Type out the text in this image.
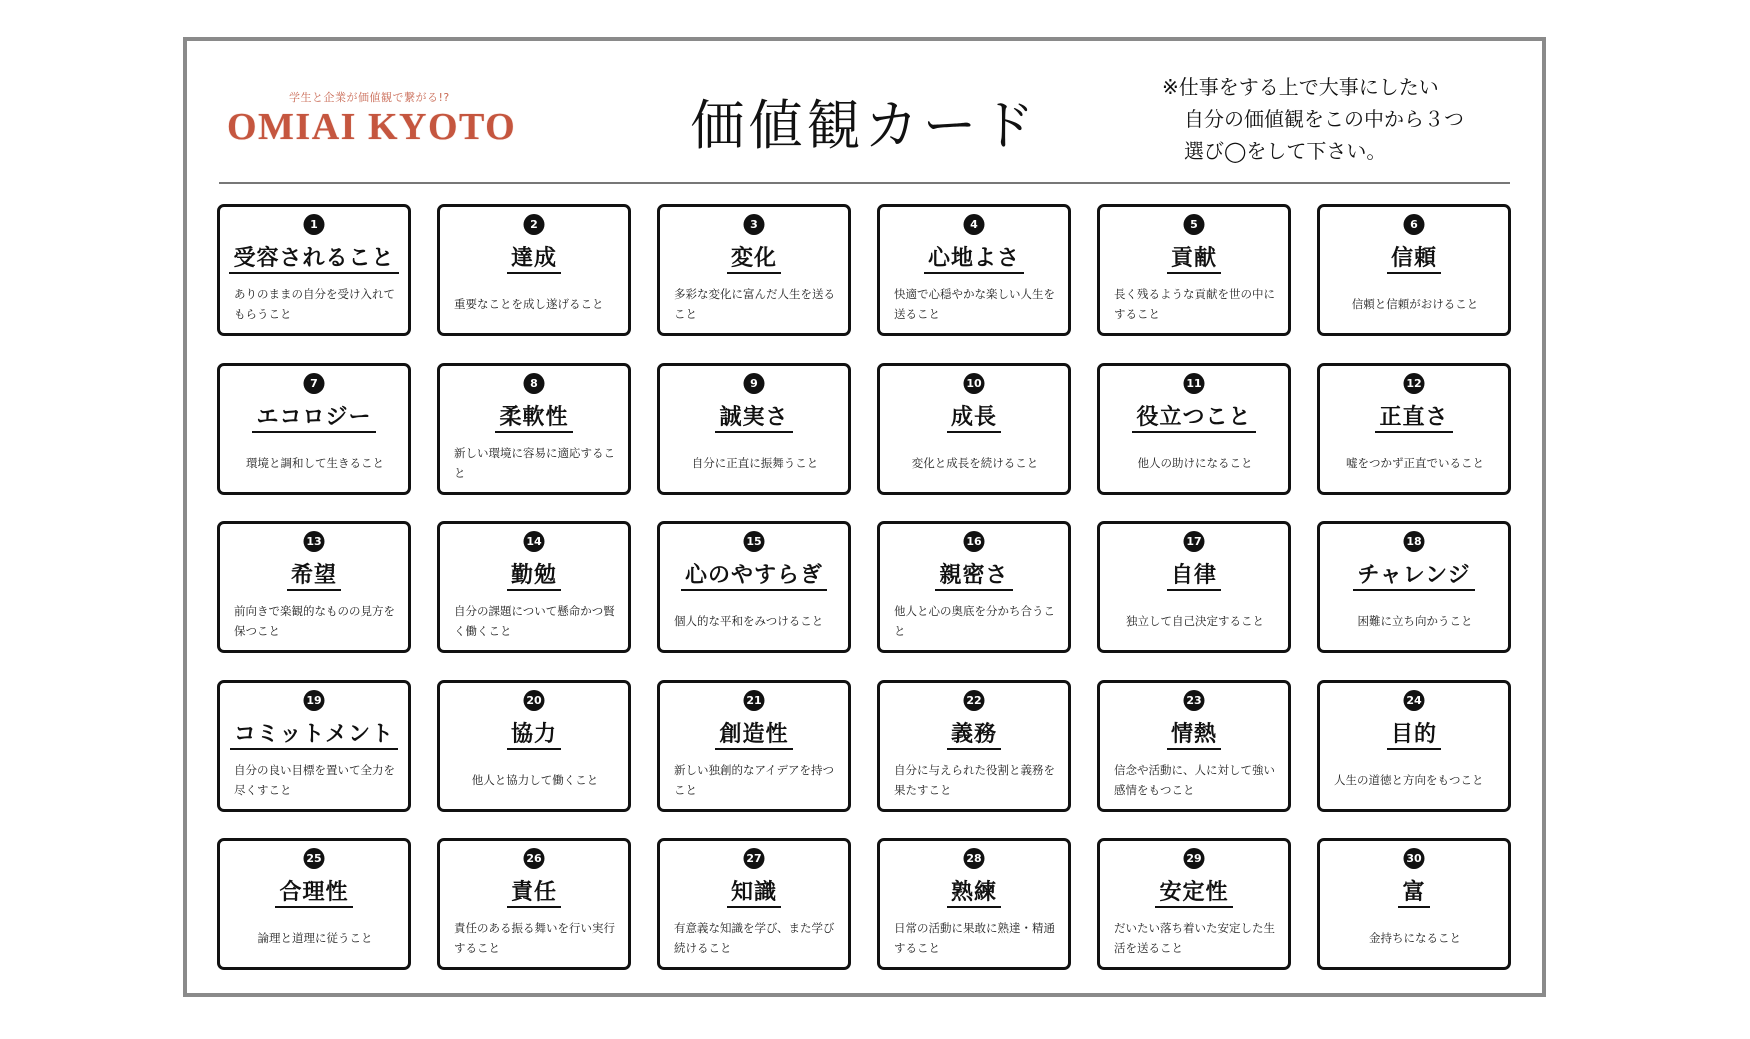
学生と企業が価値観で繋がる!?
OMIAI KYOTO	価値観カード
※仕事をする上で大事にしたい
自分の価値観をこの中から３つ
選び◯をして下さい。
1
受容されること
ありのままの自分を受け入れてもらうこと
2
達成
重要なことを成し遂げること
3
変化
多彩な変化に富んだ人生を送ること
4
心地よさ
快適で心穏やかな楽しい人生を送ること
5
貢献
長く残るような貢献を世の中にすること
6
信頼
信頼と信頼がおけること
7
エコロジー
環境と調和して生きること
8
柔軟性
新しい環境に容易に適応すること
9
誠実さ
自分に正直に振舞うこと
10
成長
変化と成長を続けること
11
役立つこと
他人の助けになること
12
正直さ
嘘をつかず正直でいること
13
希望
前向きで楽観的なものの見方を保つこと
14
勤勉
自分の課題について懸命かつ賢く働くこと
15
心のやすらぎ
個人的な平和をみつけること
16
親密さ
他人と心の奥底を分かち合うこと
17
自律
独立して自己決定すること
18
チャレンジ
困難に立ち向かうこと
19
コミットメント
自分の良い目標を置いて全力を尽くすこと
20
協力
他人と協力して働くこと
21
創造性
新しい独創的なアイデアを持つこと
22
義務
自分に与えられた役割と義務を果たすこと
23
情熱
信念や活動に、人に対して強い感情をもつこと
24
目的
人生の道徳と方向をもつこと
25
合理性
論理と道理に従うこと
26
責任
責任のある振る舞いを行い実行すること
27
知識
有意義な知識を学び、また学び続けること
28
熟練
日常の活動に果敢に熟達・精通すること
29
安定性
だいたい落ち着いた安定した生活を送ること
30
富
金持ちになること
